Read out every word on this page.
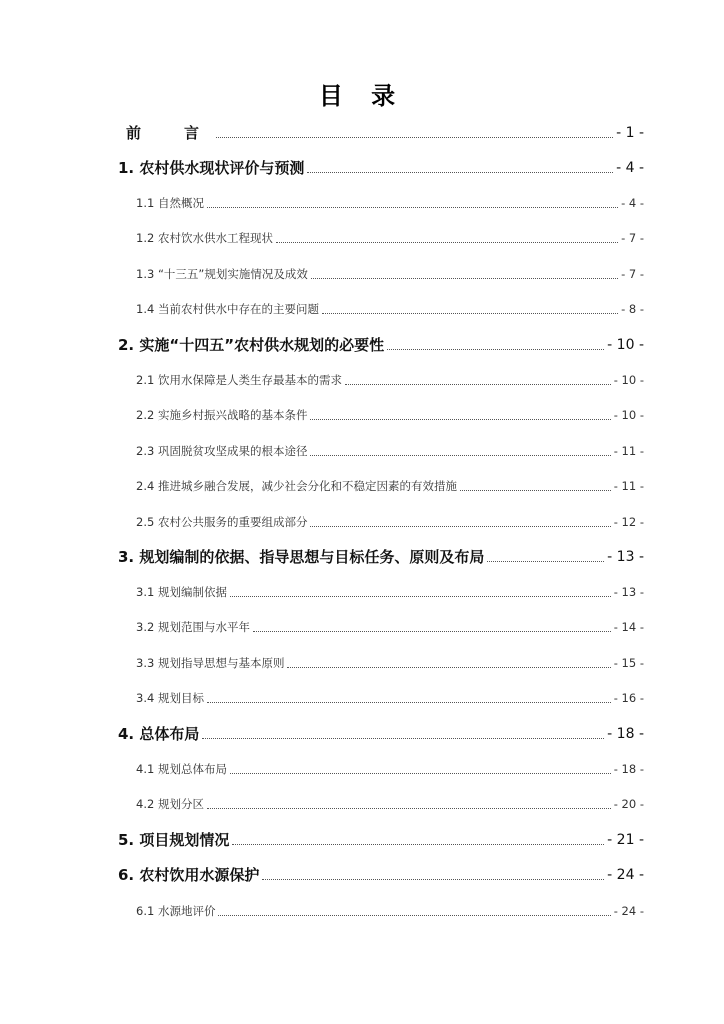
目 录
前　言	- 1 -
1. 农村供水现状评价与预测	- 4 -
1.1 自然概况	- 4 -
1.2 农村饮水供水工程现状	- 7 -
1.3 “十三五”规划实施情况及成效	- 7 -
1.4 当前农村供水中存在的主要问题	- 8 -
2. 实施“十四五”农村供水规划的必要性	- 10 -
2.1 饮用水保障是人类生存最基本的需求	- 10 -
2.2 实施乡村振兴战略的基本条件	- 10 -
2.3 巩固脱贫攻坚成果的根本途径	- 11 -
2.4 推进城乡融合发展，减少社会分化和不稳定因素的有效措施	- 11 -
2.5 农村公共服务的重要组成部分	- 12 -
3. 规划编制的依据、指导思想与目标任务、原则及布局	- 13 -
3.1 规划编制依据	- 13 -
3.2 规划范围与水平年	- 14 -
3.3 规划指导思想与基本原则	- 15 -
3.4 规划目标	- 16 -
4. 总体布局	- 18 -
4.1 规划总体布局	- 18 -
4.2 规划分区	- 20 -
5. 项目规划情况	- 21 -
6. 农村饮用水源保护	- 24 -
6.1 水源地评价	- 24 -
